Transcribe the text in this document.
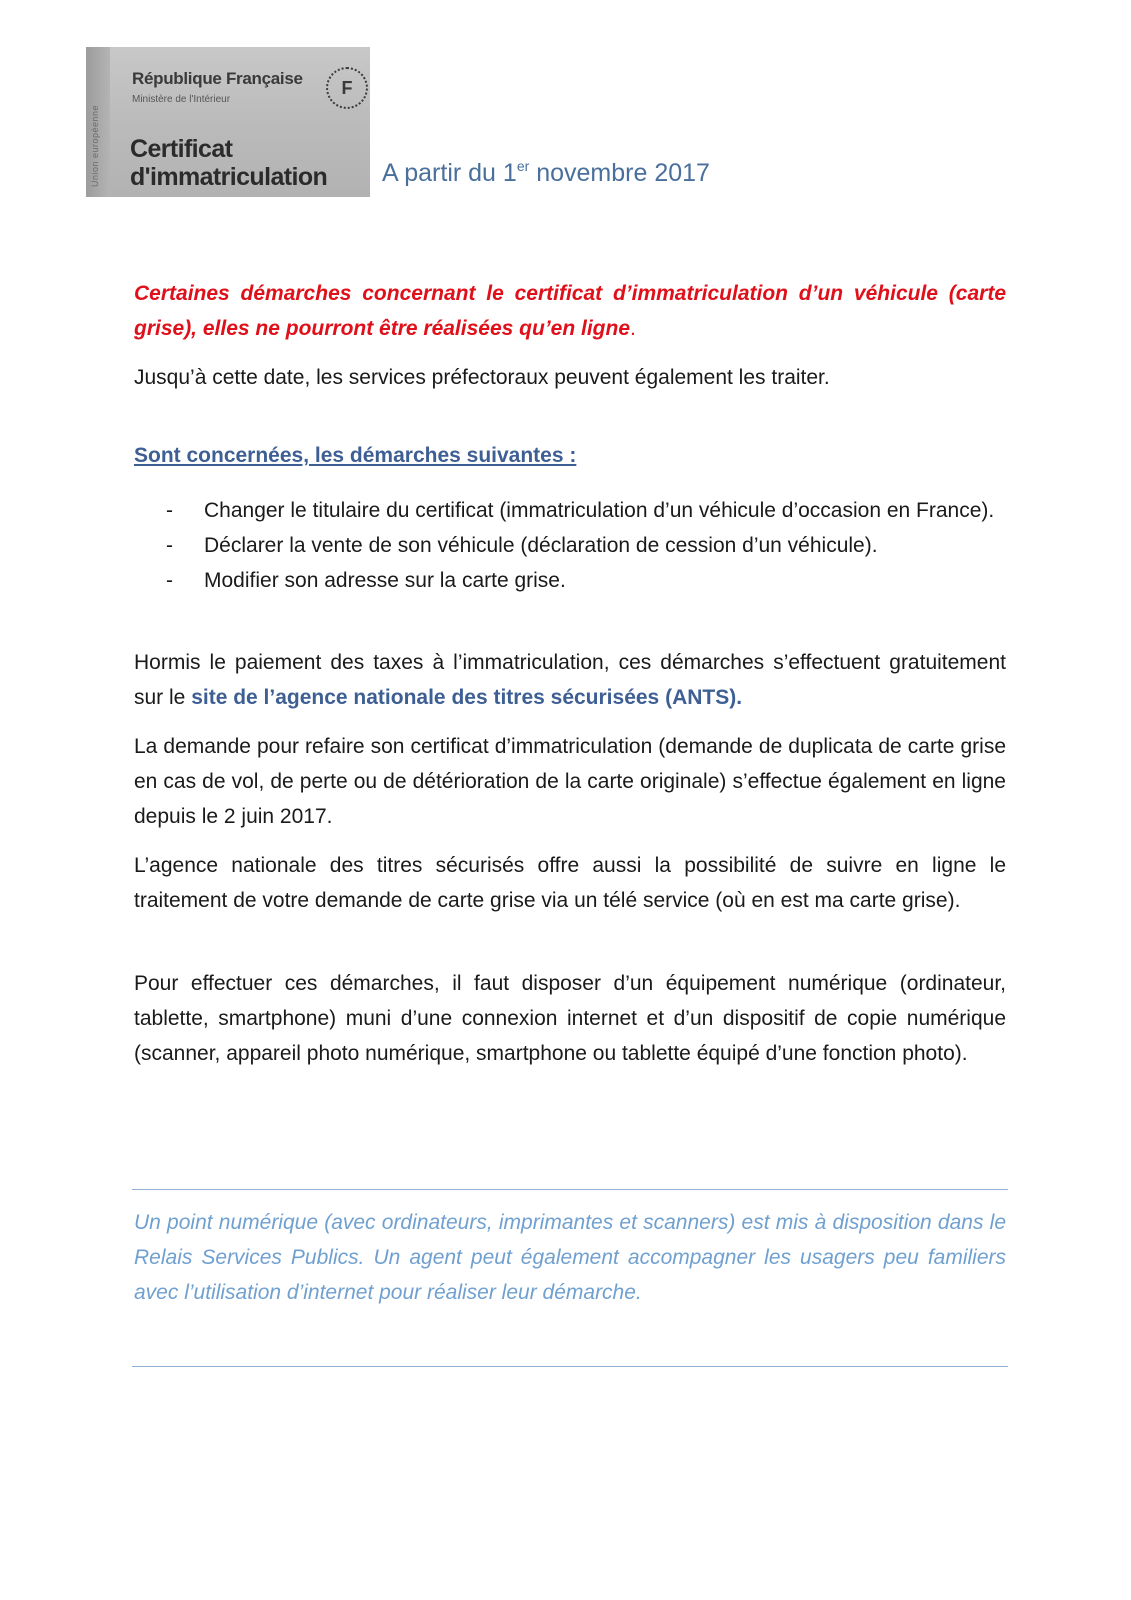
Union européenne
République Française
Ministère de l'Intérieur
F
Certificat
d'immatriculation A partir du 1er novembre 2017

Certaines démarches concernant le certificat d’immatriculation d’un véhicule (carte grise), elles ne pourront être réalisées qu’en ligne.

Jusqu’à cette date, les services préfectoraux peuvent également les traiter.

Sont concernées, les démarches suivantes :
- Changer le titulaire du certificat (immatriculation d’un véhicule d’occasion en France).
- Déclarer la vente de son véhicule (déclaration de cession d’un véhicule).
- Modifier son adresse sur la carte grise.

Hormis le paiement des taxes à l’immatriculation, ces démarches s’effectuent gratuitement sur le site de l’agence nationale des titres sécurisées (ANTS).

La demande pour refaire son certificat d’immatriculation (demande de duplicata de carte grise en cas de vol, de perte ou de détérioration de la carte originale) s’effectue également en ligne depuis le 2 juin 2017.

L’agence nationale des titres sécurisés offre aussi la possibilité de suivre en ligne le traitement de votre demande de carte grise via un télé service (où en est ma carte grise).

Pour effectuer ces démarches, il faut disposer d’un équipement numérique (ordinateur, tablette, smartphone) muni d’une connexion internet et d’un dispositif de copie numérique (scanner, appareil photo numérique, smartphone ou tablette équipé d’une fonction photo).

Un point numérique (avec ordinateurs, imprimantes et scanners) est mis à disposition dans le Relais Services Publics. Un agent peut également accompagner les usagers peu familiers avec l’utilisation d’internet pour réaliser leur démarche.
